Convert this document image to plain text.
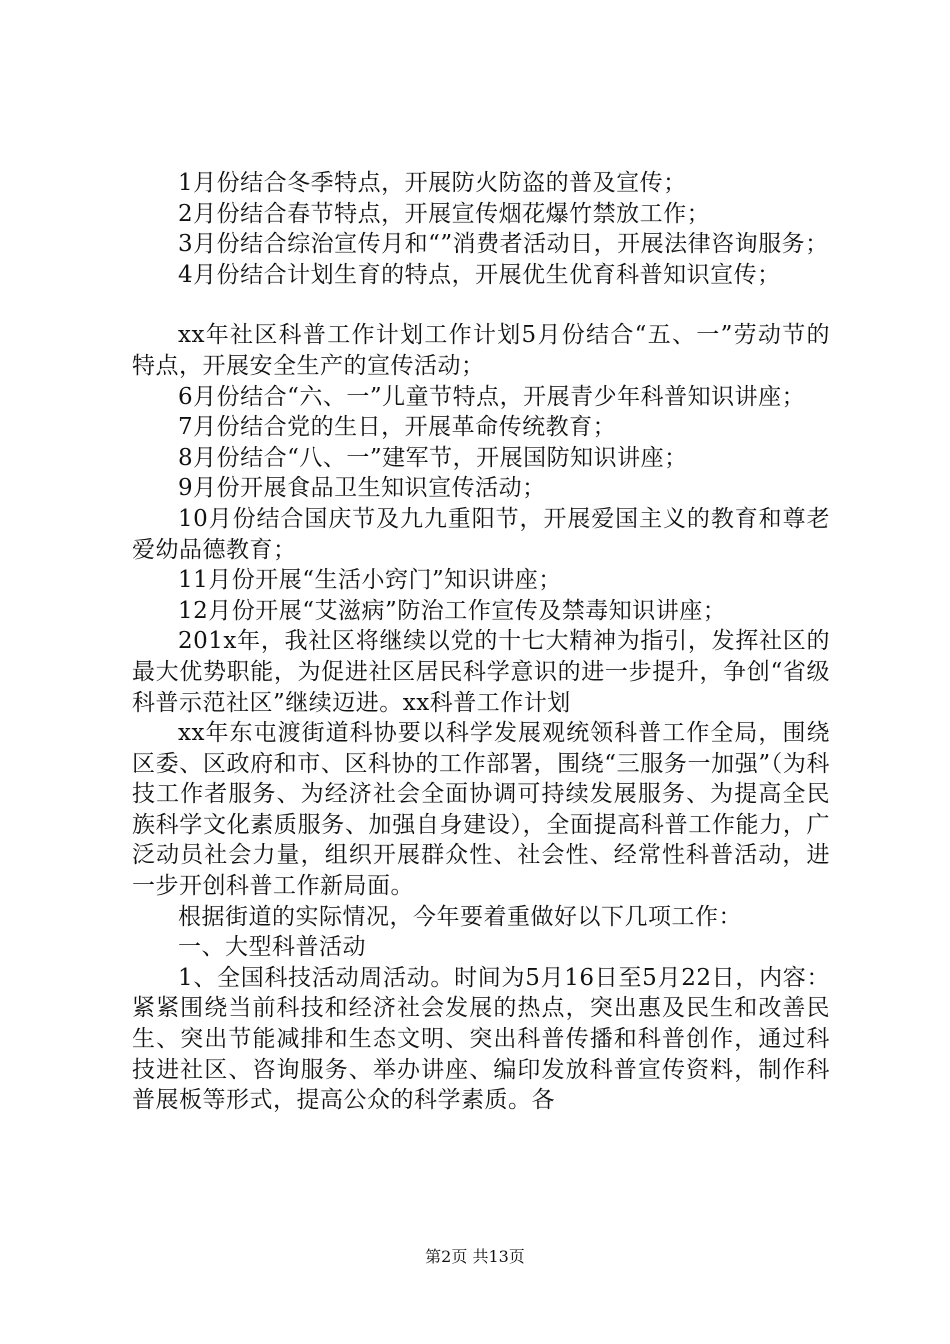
1月份结合冬季特点，开展防火防盗的普及宣传；

2月份结合春节特点，开展宣传烟花爆竹禁放工作；

3月份结合综治宣传月和“”消费者活动日，开展法律咨询服务；

4月份结合计划生育的特点，开展优生优育科普知识宣传；

xx年社区科普工作计划工作计划5月份结合“五、一”劳动节的特点，开展安全生产的宣传活动；

6月份结合“六、一”儿童节特点，开展青少年科普知识讲座；

7月份结合党的生日，开展革命传统教育；

8月份结合“八、一”建军节，开展国防知识讲座；

9月份开展食品卫生知识宣传活动；

10月份结合国庆节及九九重阳节，开展爱国主义的教育和尊老爱幼品德教育；

11月份开展“生活小窍门”知识讲座；

12月份开展“艾滋病”防治工作宣传及禁毒知识讲座；

201x年，我社区将继续以党的十七大精神为指引，发挥社区的最大优势职能，为促进社区居民科学意识的进一步提升，争创“省级科普示范社区”继续迈进。xx科普工作计划

xx年东屯渡街道科协要以科学发展观统领科普工作全局，围绕区委、区政府和市、区科协的工作部署，围绕“三服务一加强”（为科技工作者服务、为经济社会全面协调可持续发展服务、为提高全民族科学文化素质服务、加强自身建设），全面提高科普工作能力，广泛动员社会力量，组织开展群众性、社会性、经常性科普活动，进一步开创科普工作新局面。

根据街道的实际情况，今年要着重做好以下几项工作：

一、大型科普活动

1、全国科技活动周活动。时间为5月16日至5月22日，内容：紧紧围绕当前科技和经济社会发展的热点，突出惠及民生和改善民生、突出节能减排和生态文明、突出科普传播和科普创作，通过科技进社区、咨询服务、举办讲座、编印发放科普宣传资料，制作科普展板等形式，提高公众的科学素质。各

第2页 共13页
